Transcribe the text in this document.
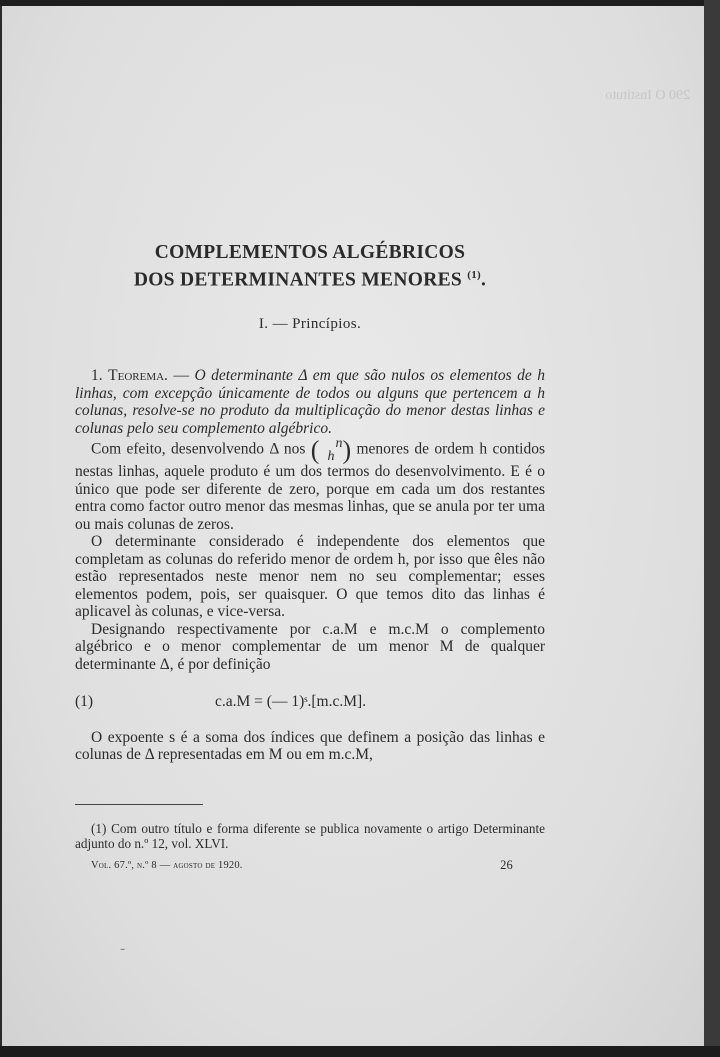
COMPLEMENTOS ALGÉBRICOS
DOS DETERMINANTES MENORES $^{(1)}$.
I. — Princípios.

1. Teorema. — O determinante Δ em que são nulos os elementos de h linhas, com excepção únicamente de todos ou alguns que pertencem a h colunas, resolve-se no produto da multiplicação do menor destas linhas e colunas pelo seu complemento algébrico.

Com efeito, desenvolvendo Δ nos ( n
h ) menores de ordem h contidos nestas linhas, aquele produto é um dos termos do desenvolvimento. E é o único que pode ser diferente de zero, porque em cada um dos restantes entra como factor outro menor das mesmas linhas, que se anula por ter uma ou mais colunas de zeros.

O determinante considerado é independente dos elementos que completam as colunas do referido menor de ordem h, por isso que êles não estão representados neste menor nem no seu complementar; esses elementos podem, pois, ser quaisquer. O que temos dito das linhas é aplicavel às colunas, e vice-versa.

Designando respectivamente por c.a.M e m.c.M o complemento algébrico e o menor complementar de um menor M de qualquer determinante Δ, é por definição

(1)	c.a.M = (— 1)ˢ.[m.c.M].

O expoente s é a soma dos índices que definem a posição das linhas e colunas de Δ representadas em M ou em m.c.M,

(1) Com outro título e forma diferente se publica novamente o artigo Determinante adjunto do n.º 12, vol. XLVI.

Vol. 67.º, n.º 8 — agosto de 1920.	26
‐
